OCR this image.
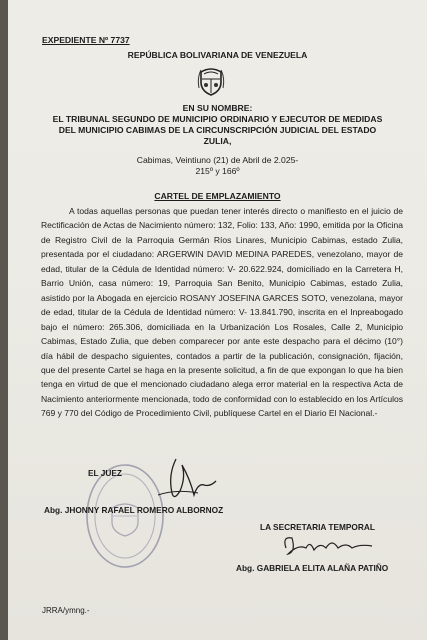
EXPEDIENTE Nº 7737
REPÚBLICA BOLIVARIANA DE VENEZUELA
EN SU NOMBRE:
EL TRIBUNAL SEGUNDO DE MUNICIPIO ORDINARIO Y EJECUTOR DE MEDIDAS
DEL MUNICIPIO CABIMAS DE LA CIRCUNSCRIPCIÓN JUDICIAL DEL ESTADO
ZULIA,
Cabimas, Veintiuno (21) de Abril de 2.025-
215º y 166º
CARTEL DE EMPLAZAMIENTO
A todas aquellas personas que puedan tener interés directo o manifiesto en el juicio de Rectificación de Actas de Nacimiento número: 132, Folio: 133, Año: 1990, emitida por la Oficina de Registro Civil de la Parroquia Germán Ríos Linares, Municipio Cabimas, estado Zulia, presentada por el ciudadano: ARGERWIN DAVID MEDINA PAREDES, venezolano, mayor de edad, titular de la Cédula de Identidad número: V- 20.622.924, domiciliado en la Carretera H, Barrio Unión, casa número: 19, Parroquia San Benito, Municipio Cabimas, estado Zulia, asistido por la Abogada en ejercicio ROSANY JOSEFINA GARCES SOTO, venezolana, mayor de edad, titular de la Cédula de Identidad número: V- 13.841.790, inscrita en el Inpreabogado bajo el número: 265.306, domiciliada en la Urbanización Los Rosales, Calle 2, Municipio Cabimas, Estado Zulia, que deben comparecer por ante este despacho para el décimo (10°) día hábil de despacho siguientes, contados a partir de la publicación, consignación, fijación, que del presente Cartel se haga en la presente solicitud, a fin de que expongan lo que ha bien tenga en virtud de que el mencionado ciudadano alega error material en la respectiva Acta de Nacimiento anteriormente mencionada, todo de conformidad con lo establecido en los Artículos 769 y 770 del Código de Procedimiento Civil, publíquese Cartel en el Diario El Nacional.-
EL JUEZ
Abg. JHONNY RAFAEL ROMERO ALBORNOZ
LA SECRETARIA TEMPORAL
Abg. GABRIELA ELITA ALAÑA PATIÑO
JRRA/ymng.-
